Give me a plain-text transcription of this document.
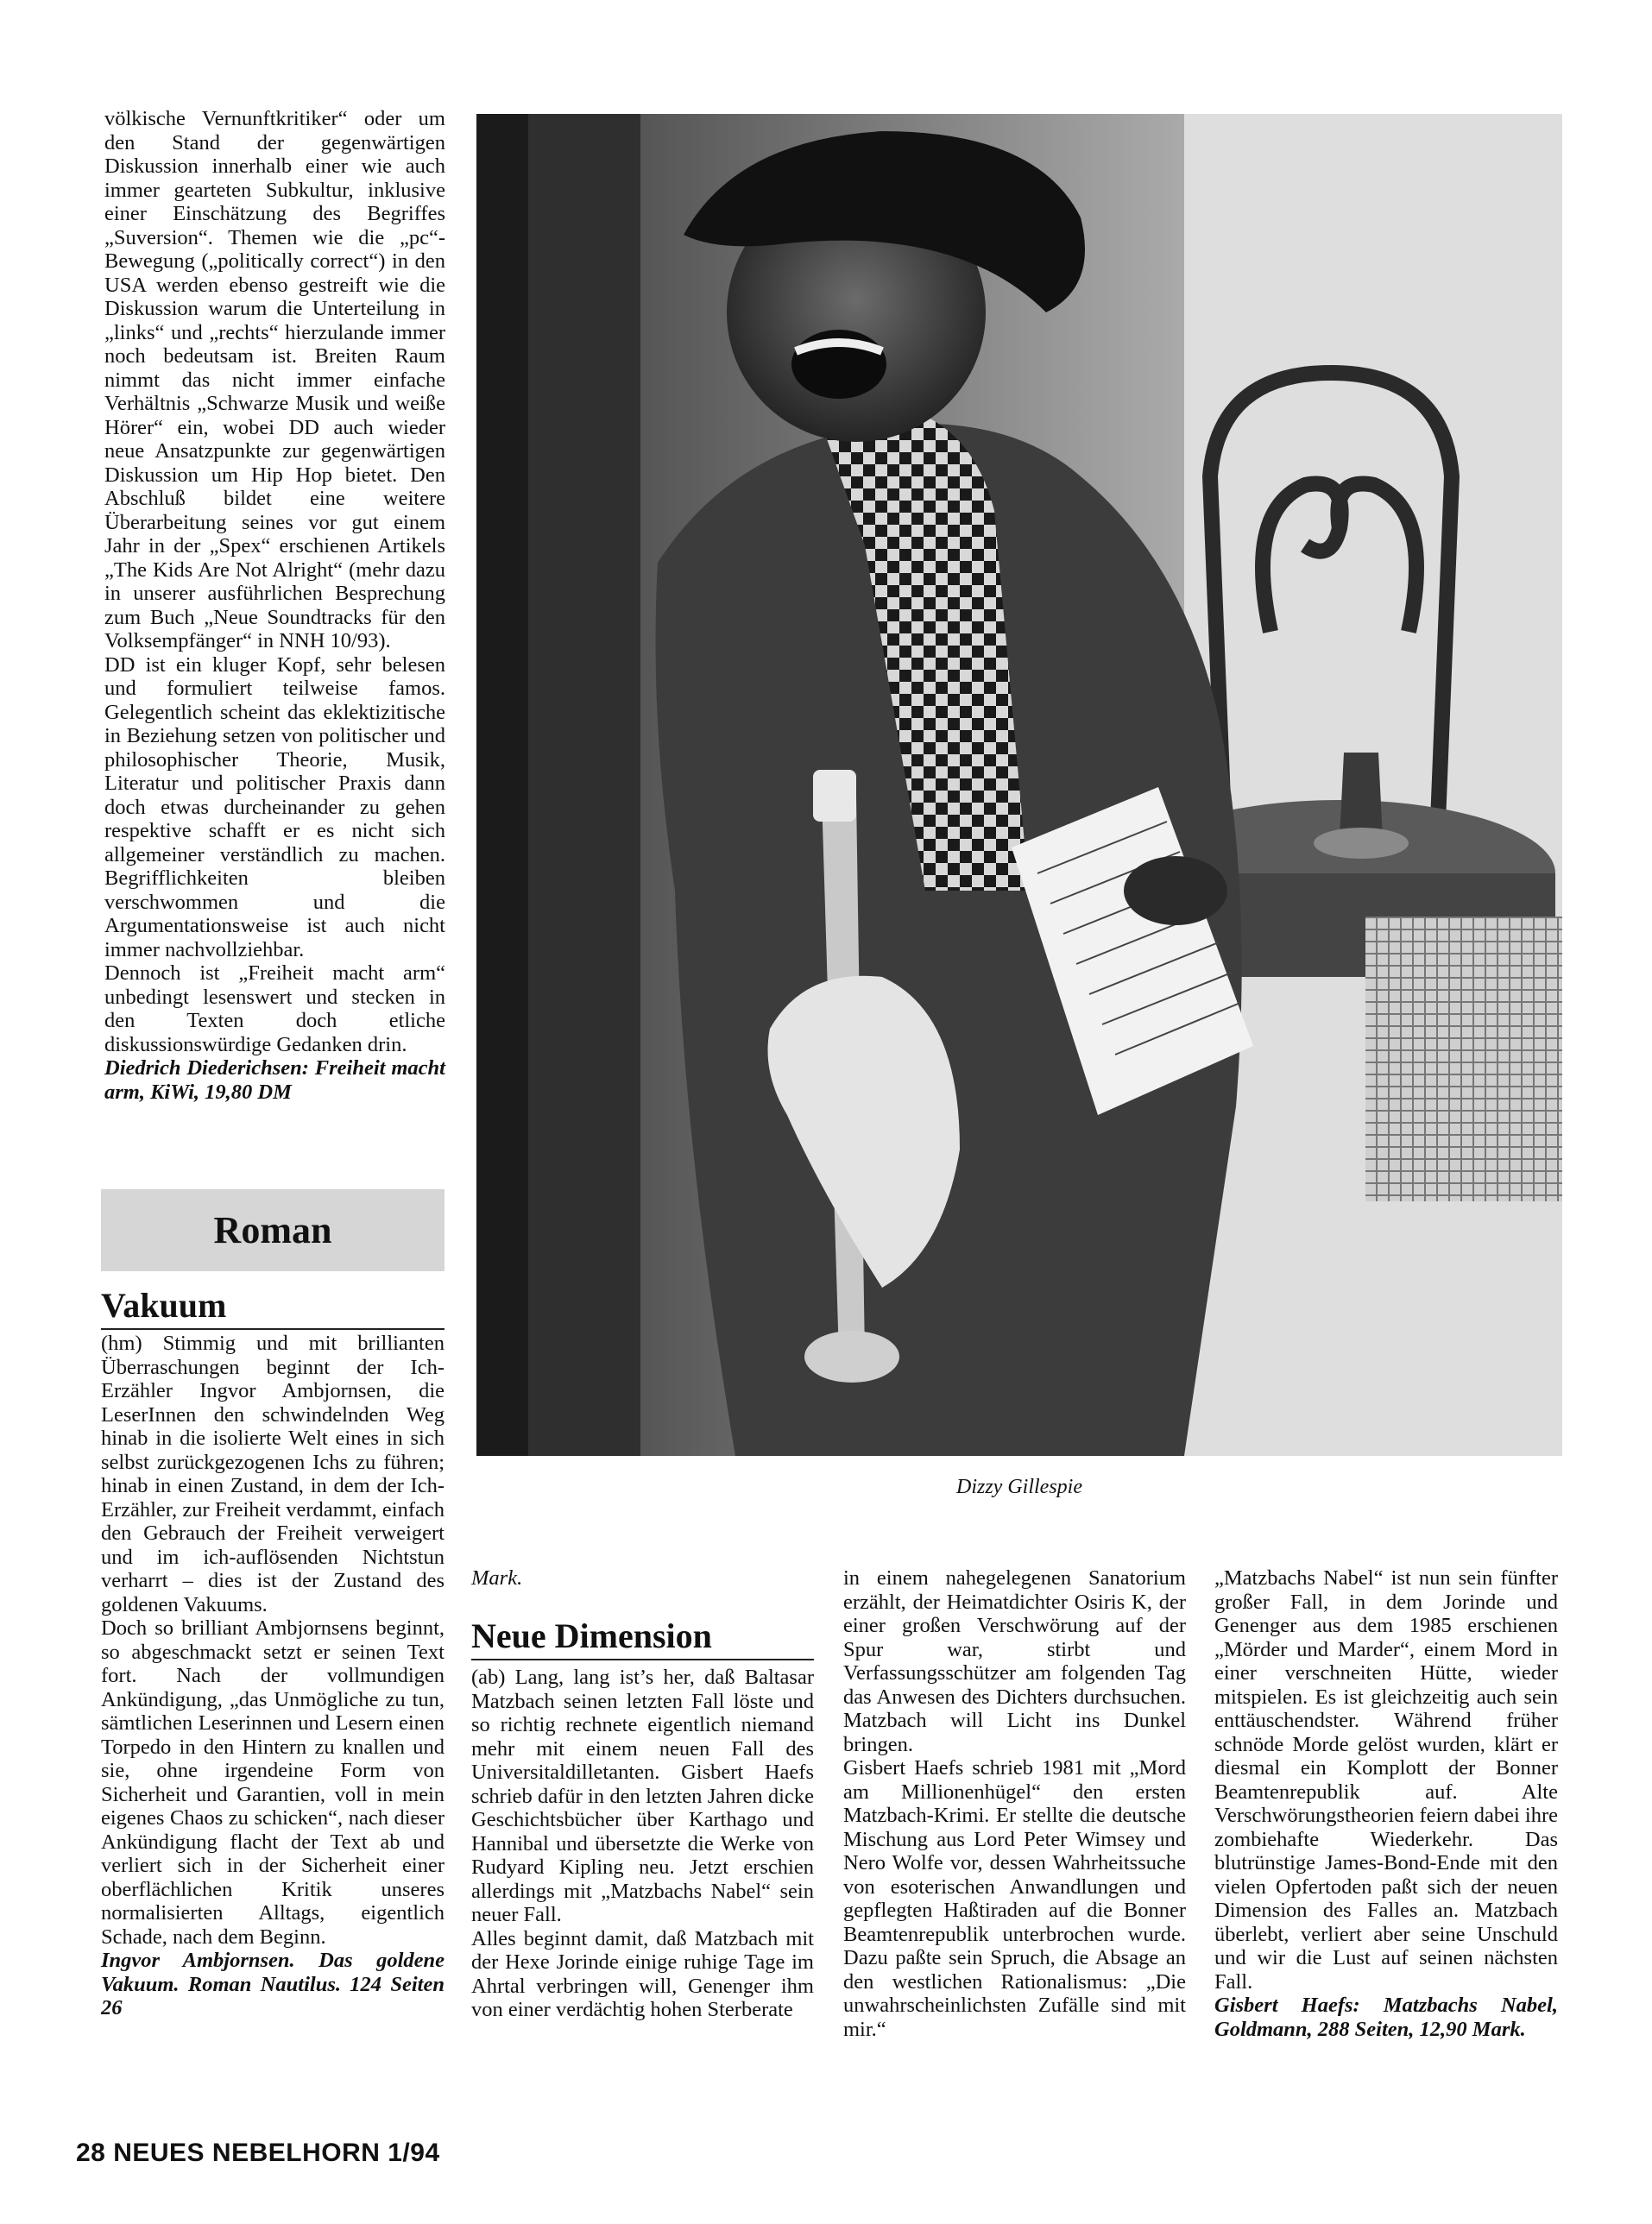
völkische Vernunftkritiker“ oder um den Stand der gegenwärtigen Diskussion innerhalb einer wie auch immer gearteten Subkultur, inklusive einer Einschätzung des Begriffes „Suversion“. Themen wie die „pc“-Bewegung („politically correct“) in den USA werden ebenso gestreift wie die Diskussion warum die Unterteilung in „links“ und „rechts“ hierzulande immer noch bedeutsam ist. Breiten Raum nimmt das nicht immer einfache Verhältnis „Schwarze Musik und weiße Hörer“ ein, wobei DD auch wieder neue Ansatzpunkte zur gegenwärtigen Diskussion um Hip Hop bietet. Den Abschluß bildet eine weitere Überarbeitung seines vor gut einem Jahr in der „Spex“ erschienen Artikels „The Kids Are Not Alright“ (mehr dazu in unserer ausführlichen Besprechung zum Buch „Neue Soundtracks für den Volksempfänger“ in NNH 10/93).

DD ist ein kluger Kopf, sehr belesen und formuliert teilweise famos. Gelegentlich scheint das eklektizitische in Beziehung setzen von politischer und philosophischer Theorie, Musik, Literatur und politischer Praxis dann doch etwas durcheinander zu gehen respektive schafft er es nicht sich allgemeiner verständlich zu machen. Begrifflichkeiten bleiben verschwommen und die Argumentationsweise ist auch nicht immer nachvollziehbar.

Dennoch ist „Freiheit macht arm“ unbedingt lesenswert und stecken in den Texten doch etliche diskussionswürdige Gedanken drin.

Diedrich Diederichsen: Freiheit macht arm, KiWi, 19,80 DM

Roman
Vakuum

(hm) Stimmig und mit brillianten Überraschungen beginnt der Ich-Erzähler Ingvor Ambjornsen, die LeserInnen den schwindelnden Weg hinab in die isolierte Welt eines in sich selbst zurückgezogenen Ichs zu führen; hinab in einen Zustand, in dem der Ich-Erzähler, zur Freiheit verdammt, einfach den Gebrauch der Freiheit verweigert und im ich-auflösenden Nichtstun verharrt – dies ist der Zustand des goldenen Vakuums.

Doch so brilliant Ambjornsens beginnt, so abgeschmackt setzt er seinen Text fort. Nach der vollmundigen Ankündigung, „das Unmögliche zu tun, sämtlichen Leserinnen und Lesern einen Torpedo in den Hintern zu knallen und sie, ohne irgendeine Form von Sicherheit und Garantien, voll in mein eigenes Chaos zu schicken“, nach dieser Ankündigung flacht der Text ab und verliert sich in der Sicherheit einer oberflächlichen Kritik unseres normalisierten Alltags, eigentlich Schade, nach dem Beginn.

Ingvor Ambjornsen. Das goldene Vakuum. Roman Nautilus. 124 Seiten 26

Dizzy Gillespie
Mark.
Neue Dimension

(ab) Lang, lang ist’s her, daß Baltasar Matzbach seinen letzten Fall löste und so richtig rechnete eigentlich niemand mehr mit einem neuen Fall des Universitaldilletanten. Gisbert Haefs schrieb dafür in den letzten Jahren dicke Geschichtsbücher über Karthago und Hannibal und übersetzte die Werke von Rudyard Kipling neu. Jetzt erschien allerdings mit „Matzbachs Nabel“ sein neuer Fall.

Alles beginnt damit, daß Matzbach mit der Hexe Jorinde einige ruhige Tage im Ahrtal verbringen will, Genenger ihm von einer verdächtig hohen Sterberate

in einem nahegelegenen Sanatorium erzählt, der Heimatdichter Osiris K, der einer großen Verschwörung auf der Spur war, stirbt und Verfassungsschützer am folgenden Tag das Anwesen des Dichters durchsuchen. Matzbach will Licht ins Dunkel bringen.

Gisbert Haefs schrieb 1981 mit „Mord am Millionenhügel“ den ersten Matzbach-Krimi. Er stellte die deutsche Mischung aus Lord Peter Wimsey und Nero Wolfe vor, dessen Wahrheitssuche von esoterischen Anwandlungen und gepflegten Haßtiraden auf die Bonner Beamtenrepublik unterbrochen wurde. Dazu paßte sein Spruch, die Absage an den westlichen Rationalismus: „Die unwahrscheinlichsten Zufälle sind mit mir.“

„Matzbachs Nabel“ ist nun sein fünfter großer Fall, in dem Jorinde und Genenger aus dem 1985 erschienen „Mörder und Marder“, einem Mord in einer verschneiten Hütte, wieder mitspielen. Es ist gleichzeitig auch sein enttäuschendster. Während früher schnöde Morde gelöst wurden, klärt er diesmal ein Komplott der Bonner Beamtenrepublik auf. Alte Verschwörungstheorien feiern dabei ihre zombiehafte Wiederkehr. Das blutrünstige James-Bond-Ende mit den vielen Opfertoden paßt sich der neuen Dimension des Falles an. Matzbach überlebt, verliert aber seine Unschuld und wir die Lust auf seinen nächsten Fall.

Gisbert Haefs: Matzbachs Nabel, Goldmann, 288 Seiten, 12,90 Mark.

28 NEUES NEBELHORN 1/94
